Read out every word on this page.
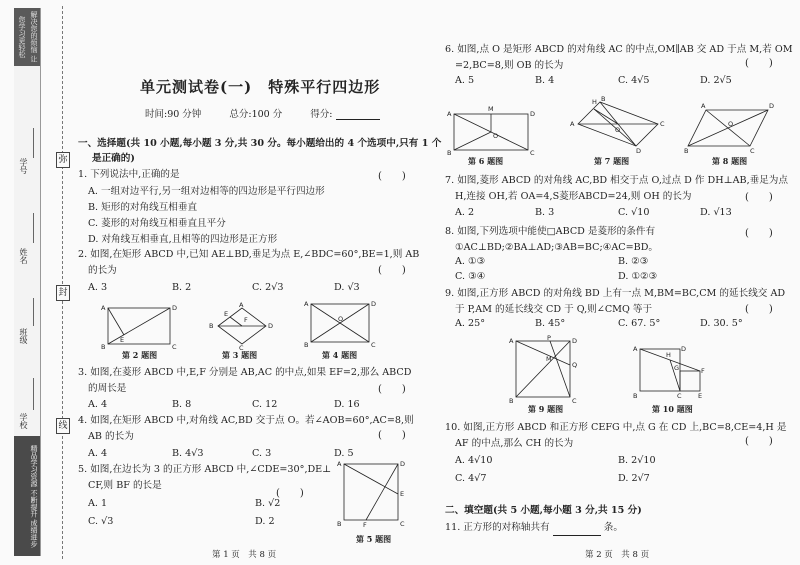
解决您的烦恼 让您学习更轻松
学号
姓名
班级
学校
精品学习资源 不断提升 成绩进步
弥
封
线
单元测试卷(一)　特殊平行四边形
时间:90 分钟	总分:100 分	得分:
一、选择题(共 10 小题,每小题 3 分,共 30 分。每小题给出的 4 个选项中,只有 1 个
是正确的)
1. 下列说法中,正确的是	(　　)
A. 一组对边平行,另一组对边相等的四边形是平行四边形
B. 矩形的对角线互相垂直
C. 菱形的对角线互相垂直且平分
D. 对角线互相垂直,且相等的四边形是正方形
2. 如图,在矩形 ABCD 中,已知 AE⊥BD,垂足为点 E,∠BDC=60°,BE=1,则 AB
的长为	(　　)
A. 3	B. 2	C. 2√3	D. √3
A	D
B	C
E
第 2 题图
A
B	D
C
E
F
第 3 题图
A	D
B	C
O
第 4 题图
3. 如图,在菱形 ABCD 中,E,F 分别是 AB,AC 的中点,如果 EF=2,那么 ABCD
的周长是	(　　)
A. 4	B. 8	C. 12	D. 16
4. 如图,在矩形 ABCD 中,对角线 AC,BD 交于点 O。若∠AOB=60°,AC=8,则
AB 的长为	(　　)
A. 4	B. 4√3	C. 3	D. 5
5. 如图,在边长为 3 的正方形 ABCD 中,∠CDE=30°,DE⊥
CF,则 BF 的长是
(　　)
A. 1	B. √2
C. √3	D. 2
A	D
B	C
E
F
第 5 题图
第 1 页　共 8 页
6. 如图,点 O 是矩形 ABCD 的对角线 AC 的中点,OM∥AB 交 AD 于点 M,若 OM
=2,BC=8,则 OB 的长为	(　　)
A. 5	B. 4	C. 4√5	D. 2√5
A	D
B	C
M
O
第 6 题图
H B
A	C
O
D
第 7 题图
A	D
B	C
O
第 8 题图
7. 如图,菱形 ABCD 的对角线 AC,BD 相交于点 O,过点 D 作 DH⊥AB,垂足为点
H,连接 OH,若 OA=4,S菱形ABCD=24,则 OH 的长为	(　　)
A. 2	B. 3	C. √10	D. √13
8. 如图,下列选项中能使□ABCD 是菱形的条件有	(　　)
①AC⊥BD;②BA⊥AD;③AB=BC;④AC=BD。
A. ①③	B. ②③
C. ③④	D. ①②③
9. 如图,正方形 ABCD 的对角线 BD 上有一点 M,BM=BC,CM 的延长线交 AD
于 P,AM 的延长线交 CD 于 Q,则∠CMQ 等于	(　　)
A. 25°	B. 45°	C. 67. 5°	D. 30. 5°
A	D
B	C
P
Q
M
第 9 题图
A	D
B	C	E
F
G
H
第 10 题图
10. 如图,正方形 ABCD 和正方形 CEFG 中,点 G 在 CD 上,BC=8,CE=4,H 是
AF 的中点,那么 CH 的长为	(　　)
A. 4√10	B. 2√10
C. 4√7	D. 2√7
二、填空题(共 5 小题,每小题 3 分,共 15 分)
11. 正方形的对称轴共有	条。
第 2 页　共 8 页
